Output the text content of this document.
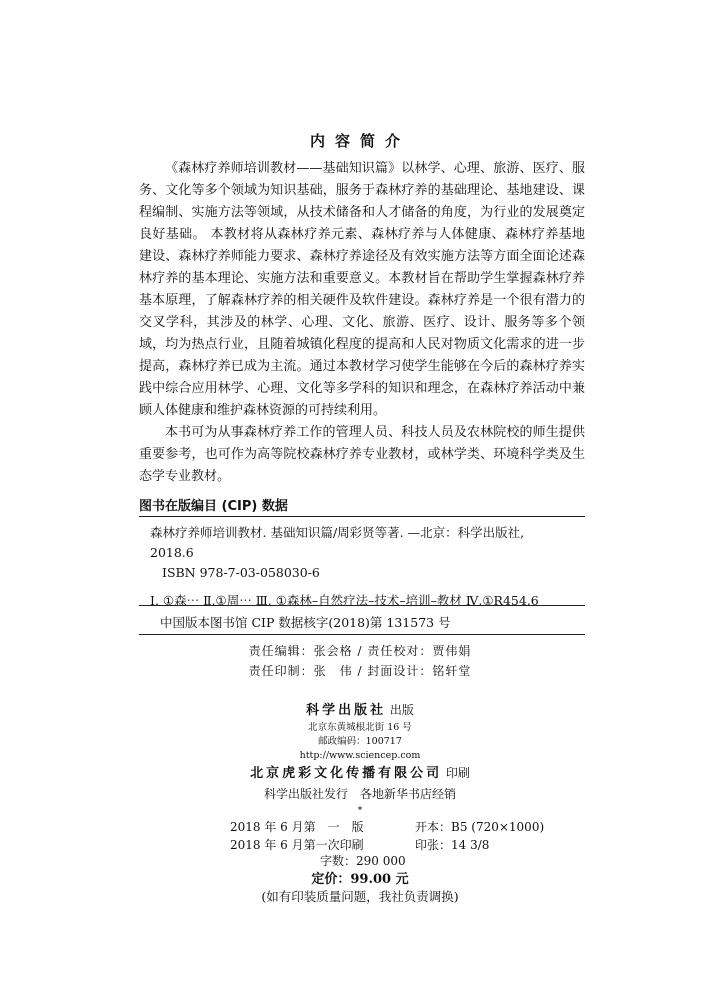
内容简介

《森林疗养师培训教材——基础知识篇》以林学、心理、旅游、医疗、服务、文化等多个领域为知识基础，服务于森林疗养的基础理论、基地建设、课程编制、实施方法等领域，从技术储备和人才储备的角度，为行业的发展奠定良好基础。 本教材将从森林疗养元素、森林疗养与人体健康、森林疗养基地建设、森林疗养师能力要求、森林疗养途径及有效实施方法等方面全面论述森林疗养的基本理论、实施方法和重要意义。本教材旨在帮助学生掌握森林疗养基本原理，了解森林疗养的相关硬件及软件建设。森林疗养是一个很有潜力的交叉学科，其涉及的林学、心理、文化、旅游、医疗、设计、服务等多个领域，均为热点行业，且随着城镇化程度的提高和人民对物质文化需求的进一步提高，森林疗养已成为主流。通过本教材学习使学生能够在今后的森林疗养实践中综合应用林学、心理、文化等多学科的知识和理念，在森林疗养活动中兼顾人体健康和维护森林资源的可持续利用。

本书可为从事森林疗养工作的管理人员、科技人员及农林院校的师生提供重要参考，也可作为高等院校森林疗养专业教材，或林学类、环境科学类及生态学专业教材。

图书在版编目 (CIP) 数据
森林疗养师培训教材. 基础知识篇/周彩贤等著. —北京：科学出版社,
2018.6
ISBN 978-7-03-058030-6
Ⅰ. ①森⋯ Ⅱ.①周⋯ Ⅲ. ①森林–自然疗法–技术–培训–教材 Ⅳ.①R454.6
中国版本图书馆 CIP 数据核字(2018)第 131573 号
责任编辑：张会格 / 责任校对：贾伟娟
责任印制：张　伟 / 封面设计：铭轩堂
科学出版社 出版
北京东黄城根北街 16 号
邮政编码：100717
http://www.sciencep.com
北京虎彩文化传播有限公司 印刷
科学出版社发行　各地新华书店经销
*
2018 年 6 月第　一　版	开本：B5 (720×1000)
2018 年 6 月第一次印刷	印张：14 3/8
字数：290 000
定价：99.00 元
(如有印装质量问题，我社负责调换)
